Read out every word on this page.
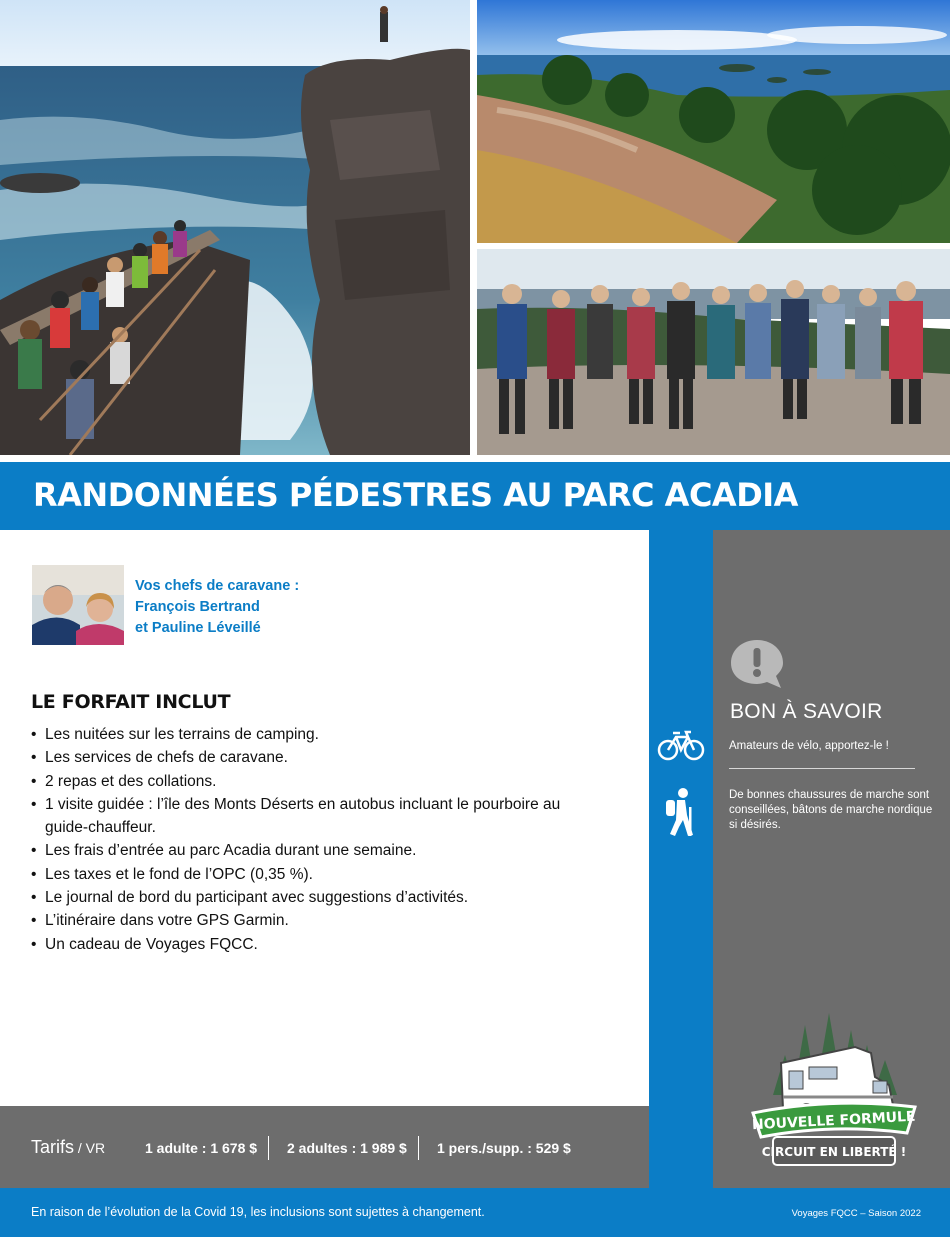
RANDONNÉES PÉDESTRES AU PARC ACADIA
Vos chefs de caravane :
François Bertrand
et Pauline Léveillé
LE FORFAIT INCLUT
• Les nuitées sur les terrains de camping.
• Les services de chefs de caravane.
• 2 repas et des collations.
• 1 visite guidée : l’île des Monts Déserts en autobus incluant le pourboire au guide-chauffeur.
• Les frais d’entrée au parc Acadia durant une semaine.
• Les taxes et le fond de l’OPC (0,35 %).
• Le journal de bord du participant avec suggestions d’activités.
• L’itinéraire dans votre GPS Garmin.
• Un cadeau de Voyages FQCC.
Tarifs / VR	1 adulte : 1 678 $ 2 adultes : 1 989 $ 1 pers./supp. : 529 $
BON À SAVOIR
Amateurs de vélo, apportez-le !
De bonnes chaussures de marche sont conseillées, bâtons de marche nordique si désirés.
NOUVELLE FORMULE
CIRCUIT EN LIBERTÉ !
En raison de l’évolution de la Covid 19, les inclusions sont sujettes à changement.	Voyages FQCC – Saison 2022
